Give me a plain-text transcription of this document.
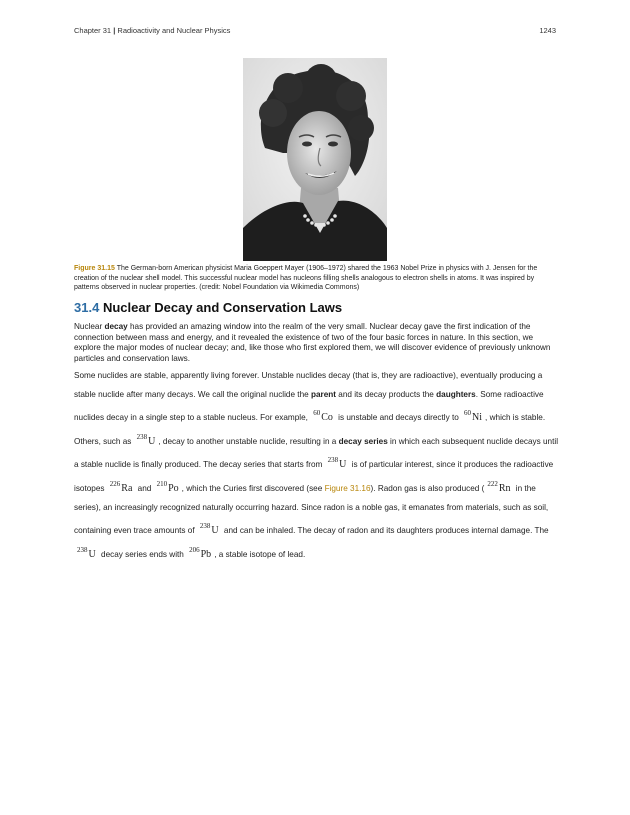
Chapter 31 | Radioactivity and Nuclear Physics	1243
Figure 31.15 The German-born American physicist Maria Goeppert Mayer (1906–1972) shared the 1963 Nobel Prize in physics with J. Jensen for the creation of the nuclear shell model. This successful nuclear model has nucleons filling shells analogous to electron shells in atoms. It was inspired by patterns observed in nuclear properties. (credit: Nobel Foundation via Wikimedia Commons)
31.4 Nuclear Decay and Conservation Laws
Nuclear decay has provided an amazing window into the realm of the very small. Nuclear decay gave the first indication of the connection between mass and energy, and it revealed the existence of two of the four basic forces in nature. In this section, we explore the major modes of nuclear decay; and, like those who first explored them, we will discover evidence of previously unknown particles and conservation laws.
Some nuclides are stable, apparently living forever. Unstable nuclides decay (that is, they are radioactive), eventually producing a stable nuclide after many decays. We call the original nuclide the parent and its decay products the daughters. Some radioactive nuclides decay in a single step to a stable nucleus. For example, $^{60}$Co is unstable and decays directly to $^{60}$Ni , which is stable. Others, such as $^{238}$U , decay to another unstable nuclide, resulting in a decay series in which each subsequent nuclide decays until a stable nuclide is finally produced. The decay series that starts from $^{238}$U is of particular interest, since it produces the radioactive isotopes $^{226}$Ra and $^{210}$Po , which the Curies first discovered (see Figure 31.16). Radon gas is also produced ( $^{222}$Rn in the series), an increasingly recognized naturally occurring hazard. Since radon is a noble gas, it emanates from materials, such as soil, containing even trace amounts of $^{238}$U and can be inhaled. The decay of radon and its daughters produces internal damage. The $^{238}$U decay series ends with $^{206}$Pb , a stable isotope of lead.
